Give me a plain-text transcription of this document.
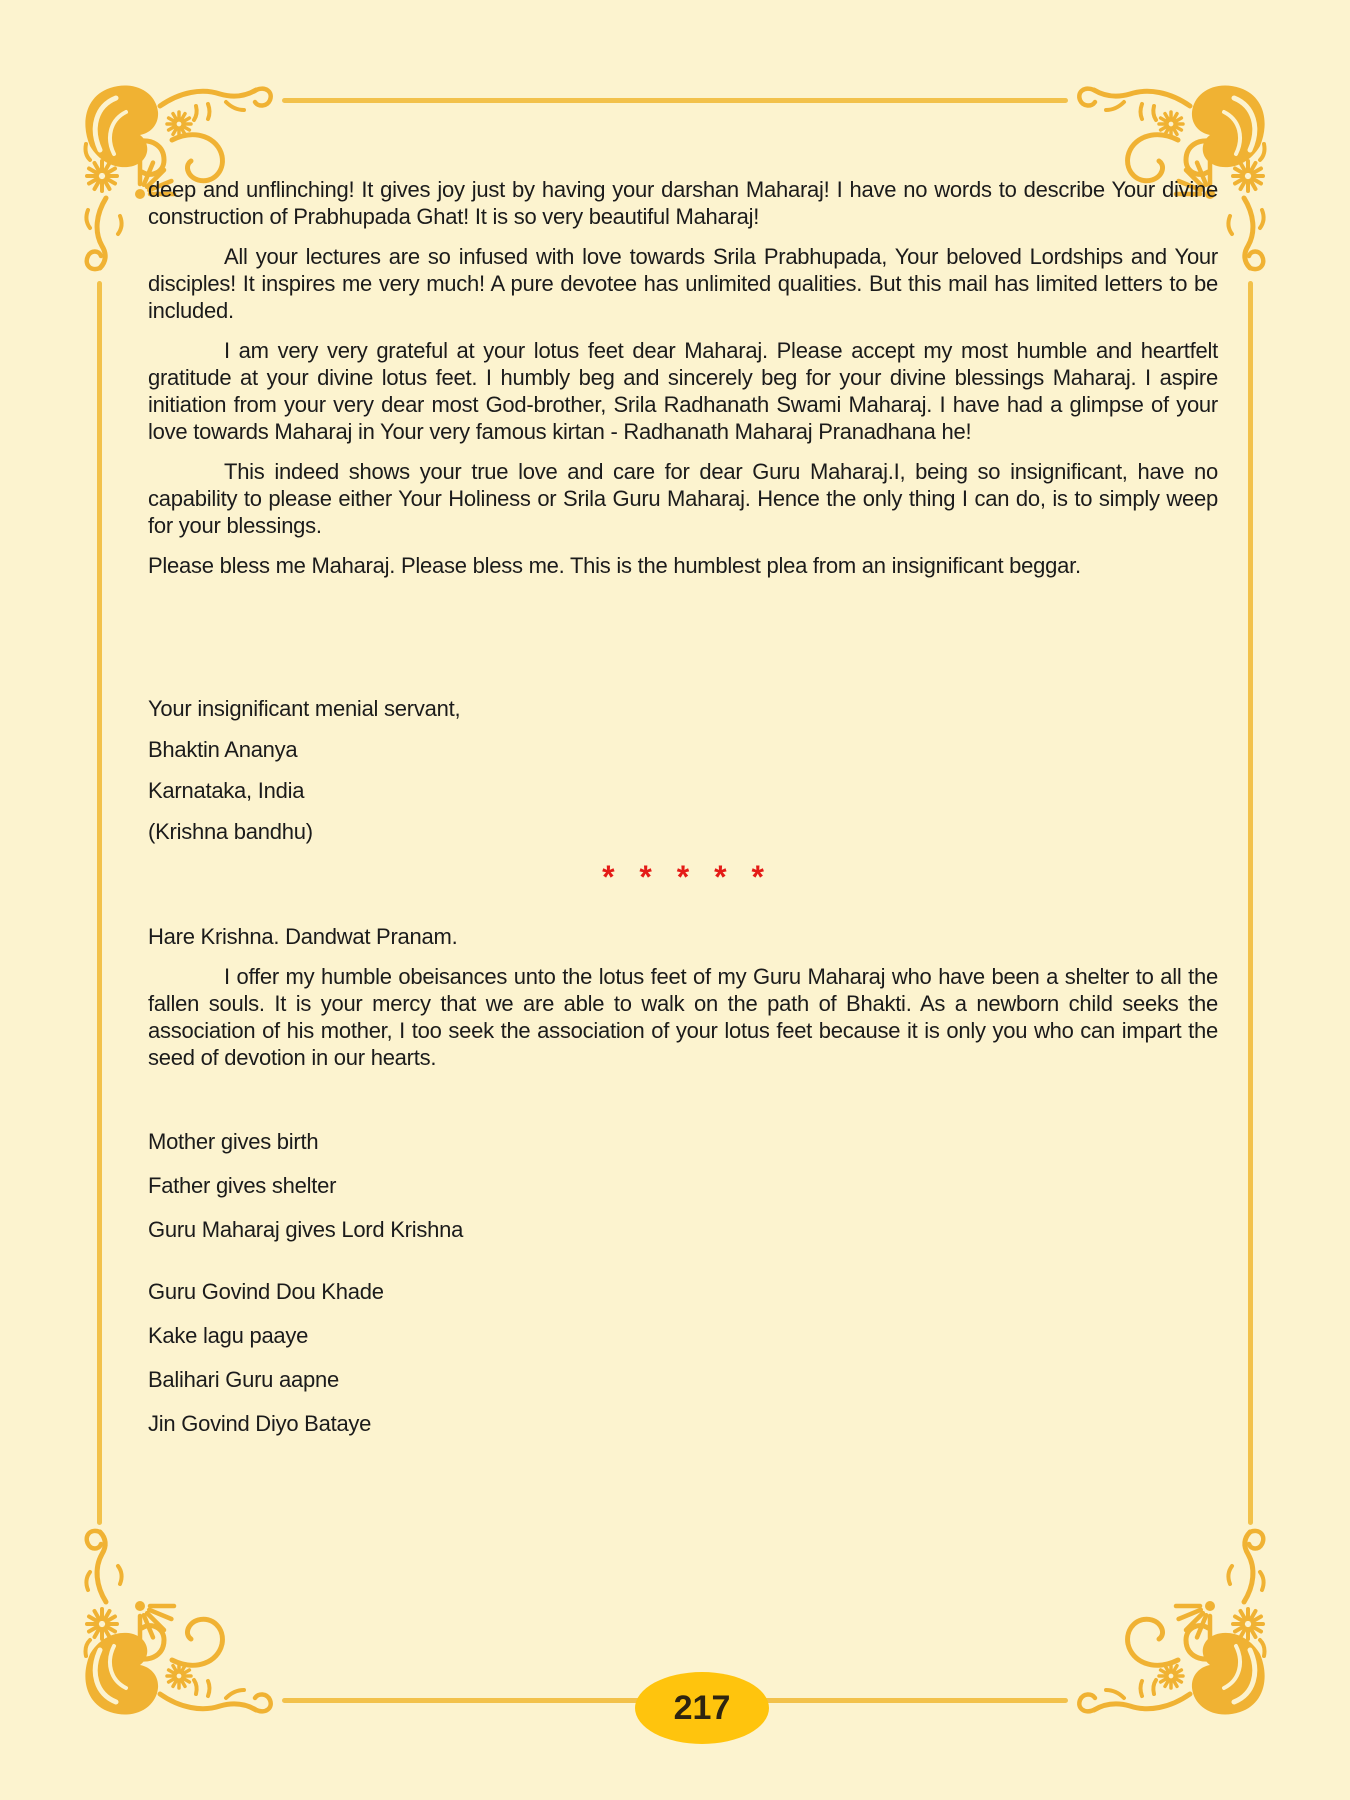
deep and unflinching! It gives joy just by having your darshan Maharaj! I have no words to describe Your divine construction of Prabhupada Ghat! It is so very beautiful Maharaj!

All your lectures are so infused with love towards Srila Prabhupada, Your beloved Lordships and Your disciples! It inspires me very much! A pure devotee has unlimited qualities. But this mail has limited letters to be included.

I am very very grateful at your lotus feet dear Maharaj. Please accept my most humble and heartfelt gratitude at your divine lotus feet. I humbly beg and sincerely beg for your divine blessings Maharaj. I aspire initiation from your very dear most God-brother, Srila Radhanath Swami Maharaj. I have had a glimpse of your love towards Maharaj in Your very famous kirtan - Radhanath Maharaj Pranadhana he!

This indeed shows your true love and care for dear Guru Maharaj.I, being so insignificant, have no capability to please either Your Holiness or Srila Guru Maharaj. Hence the only thing I can do, is to simply weep for your blessings.

Please bless me Maharaj. Please bless me. This is the humblest plea from an insignificant beggar.

Your insignificant menial servant,

Bhaktin Ananya

Karnataka, India

(Krishna bandhu)

* * * * *

Hare Krishna. Dandwat Pranam.

I offer my humble obeisances unto the lotus feet of my Guru Maharaj who have been a shelter to all the fallen souls. It is your mercy that we are able to walk on the path of Bhakti. As a newborn child seeks the association of his mother, I too seek the association of your lotus feet because it is only you who can impart the seed of devotion in our hearts.

Mother gives birth

Father gives shelter

Guru Maharaj gives Lord Krishna

Guru Govind Dou Khade

Kake lagu paaye

Balihari Guru aapne

Jin Govind Diyo Bataye

217
